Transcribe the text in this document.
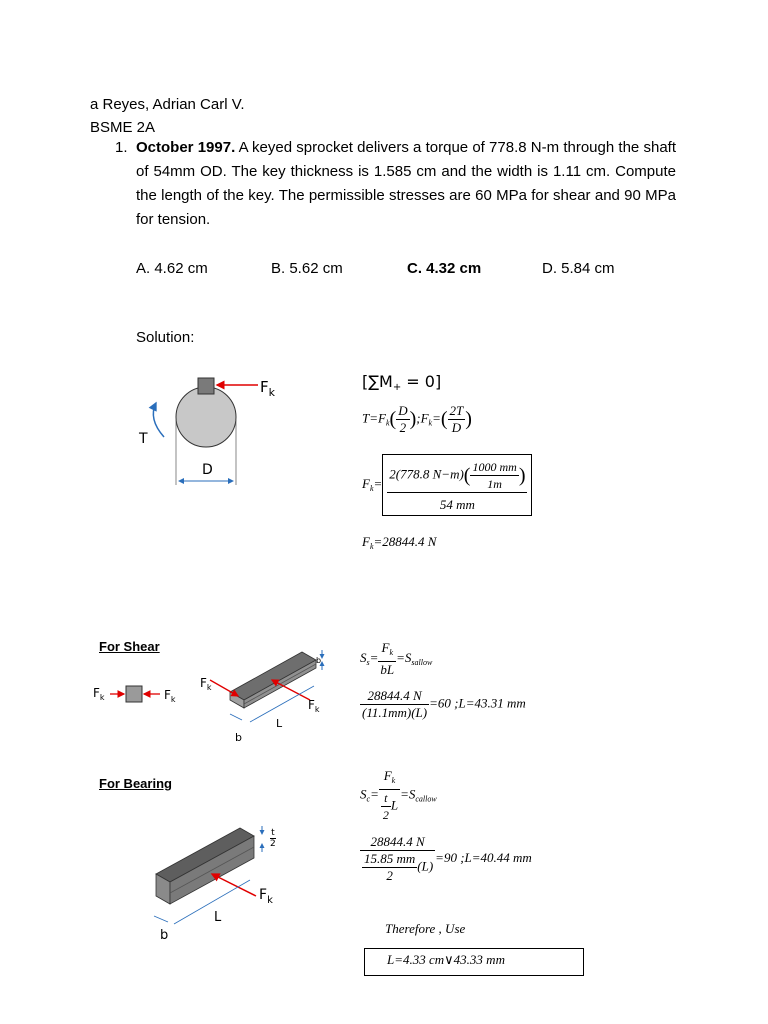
a Reyes, Adrian Carl V.
BSME 2A
1. October 1997. A keyed sprocket delivers a torque of 778.8 N-m through the shaft of 54mm OD. The key thickness is 1.585 cm and the width is 1.11 cm. Compute the length of the key. The permissible stresses are 60 MPa for shear and 90 MPa for tension.
A. 4.62 cm	B. 5.62 cm	C. 4.32 cm	D. 5.84 cm
Solution:
$F_k$
T
D
[∑M+ = 0]
$T=F_k( \frac{D}{2}$ )$;F_k=( \frac{2T}{D}$ )
$F_k= \frac{2(778.8 N-m)( \frac{1000 mm}{1m} )}{54 mm}$
$F_k=28844.4$ N
For Shear
$F_k$	$F_k$
$F_k$
$F_k$
b
L
b
$S_s= \frac{F_k}{bL} =S_{sallow}$
$\frac{28844.4 N}{(11.1mm)(L)} =60$ ;L=43.31 mm
For Bearing
$F_k$
t
2
L
b
$S_c= \frac{F_k}{\frac{t}{2} L} =S_{callow}$
$\frac{28844.4 N}{\frac{15.85 mm}{2} (L)} =90$ ;L=40.44 mm
Therefore , Use
L=4.33 cm∨43.33 mm
